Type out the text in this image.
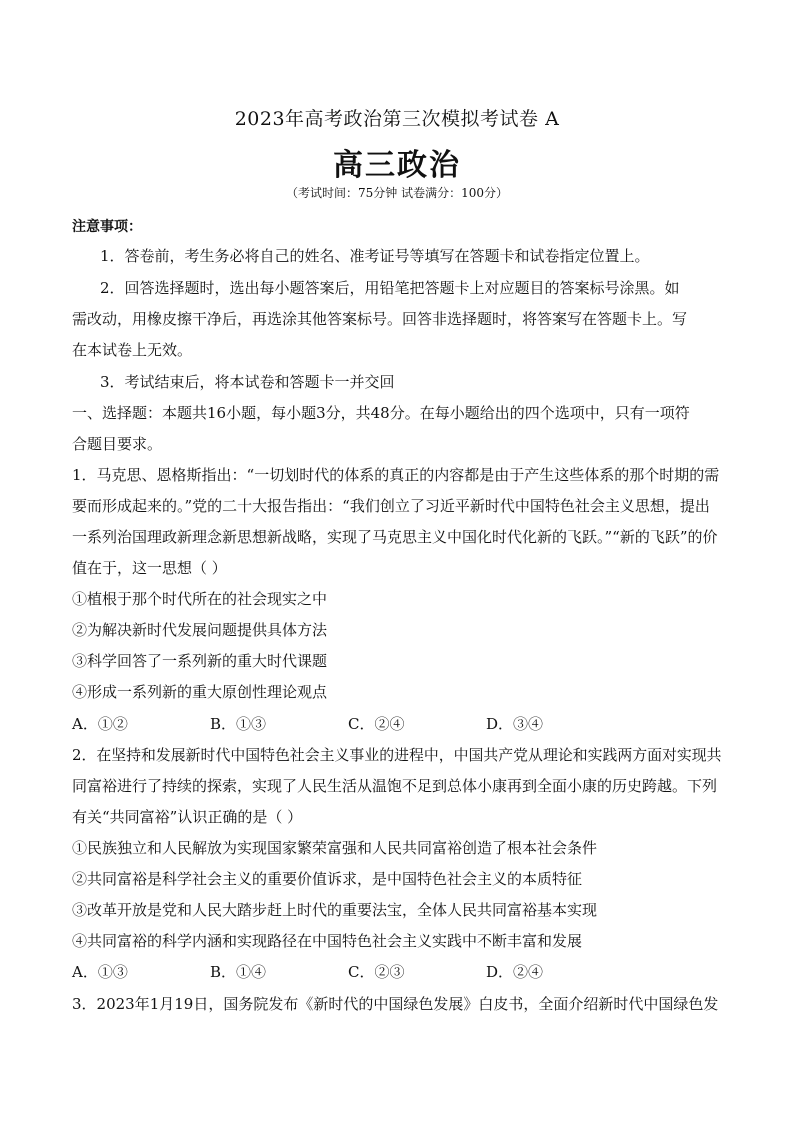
2023年高考政治第三次模拟考试卷 A
高三政治
（考试时间：75分钟 试卷满分：100分）
注意事项：
1．答卷前，考生务必将自己的姓名、准考证号等填写在答题卡和试卷指定位置上。
2．回答选择题时，选出每小题答案后，用铅笔把答题卡上对应题目的答案标号涂黑。如
需改动，用橡皮擦干净后，再选涂其他答案标号。回答非选择题时，将答案写在答题卡上。写
在本试卷上无效。
3．考试结束后，将本试卷和答题卡一并交回
一、选择题：本题共16小题，每小题3分，共48分。在每小题给出的四个选项中，只有一项符
合题目要求。
1．马克思、恩格斯指出：“一切划时代的体系的真正的内容都是由于产生这些体系的那个时期的需
要而形成起来的。”党的二十大报告指出：“我们创立了习近平新时代中国特色社会主义思想，提出
一系列治国理政新理念新思想新战略，实现了马克思主义中国化时代化新的飞跃。”“新的飞跃”的价
值在于，这一思想（ ）
①植根于那个时代所在的社会现实之中
②为解决新时代发展问题提供具体方法
③科学回答了一系列新的重大时代课题
④形成一系列新的重大原创性理论观点
A．①②	B．①③	C．②④	D．③④
2．在坚持和发展新时代中国特色社会主义事业的进程中，中国共产党从理论和实践两方面对实现共
同富裕进行了持续的探索，实现了人民生活从温饱不足到总体小康再到全面小康的历史跨越。下列
有关“共同富裕”认识正确的是（ ）
①民族独立和人民解放为实现国家繁荣富强和人民共同富裕创造了根本社会条件
②共同富裕是科学社会主义的重要价值诉求，是中国特色社会主义的本质特征
③改革开放是党和人民大踏步赶上时代的重要法宝，全体人民共同富裕基本实现
④共同富裕的科学内涵和实现路径在中国特色社会主义实践中不断丰富和发展
A．①③	B．①④	C．②③	D．②④
3．2023年1月19日，国务院发布《新时代的中国绿色发展》白皮书，全面介绍新时代中国绿色发
